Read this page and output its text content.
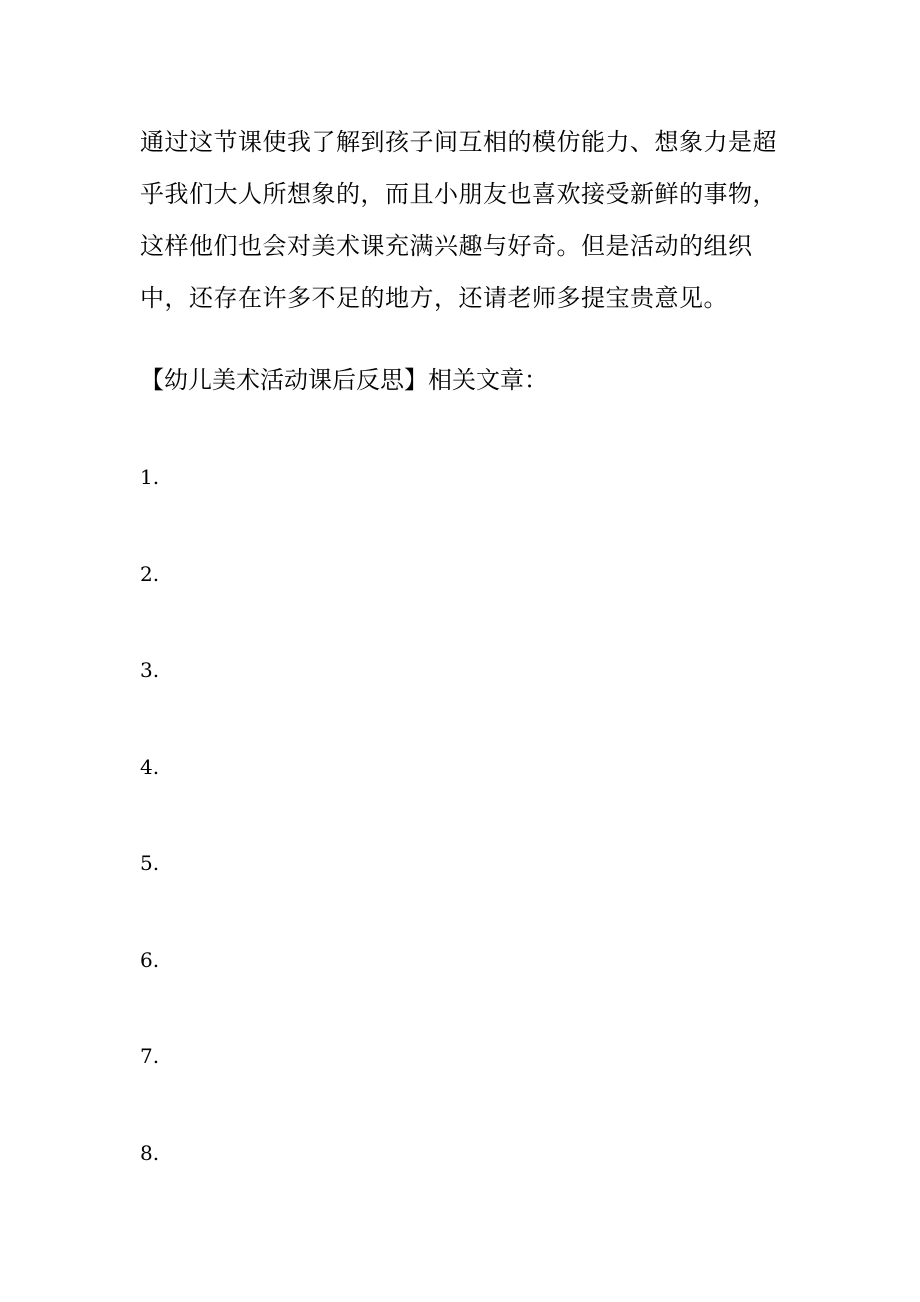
通过这节课使我了解到孩子间互相的模仿能力、想象力是超乎我们大人所想象的，而且小朋友也喜欢接受新鲜的事物，这样他们也会对美术课充满兴趣与好奇。但是活动的组织中，还存在许多不足的地方，还请老师多提宝贵意见。

【幼儿美术活动课后反思】相关文章：

1.
2.
3.
4.
5.
6.
7.
8.
